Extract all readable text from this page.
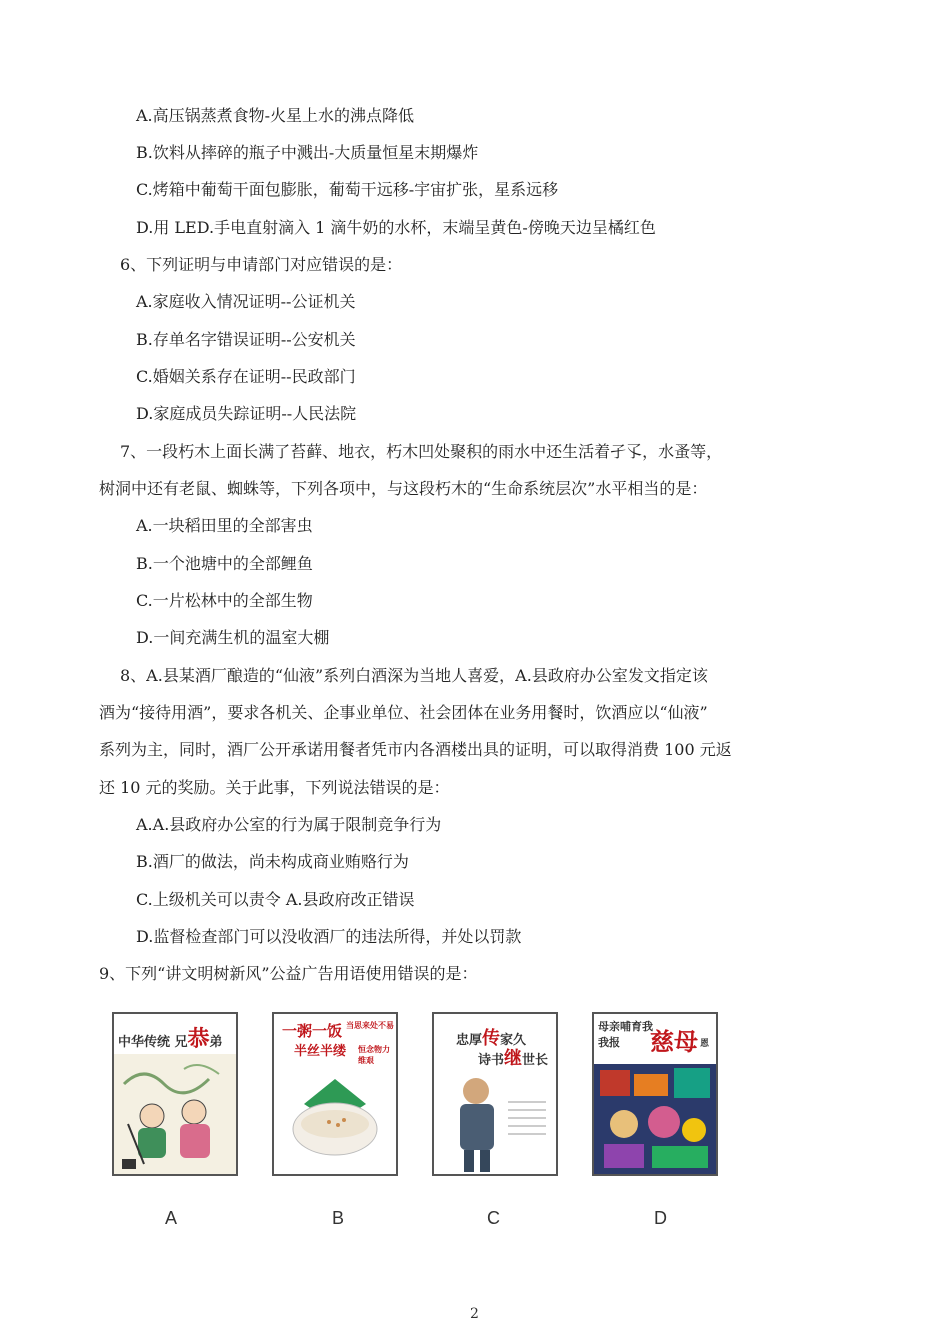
A.高压锅蒸煮食物-火星上水的沸点降低
B.饮料从摔碎的瓶子中溅出-大质量恒星末期爆炸
C.烤箱中葡萄干面包膨胀，葡萄干远移-宇宙扩张，星系远移
D.用 LED.手电直射滴入 1 滴牛奶的水杯，末端呈黄色-傍晚天边呈橘红色
6、下列证明与申请部门对应错误的是：
A.家庭收入情况证明--公证机关
B.存单名字错误证明--公安机关
C.婚姻关系存在证明--民政部门
D.家庭成员失踪证明--人民法院
7、一段朽木上面长满了苔藓、地衣，朽木凹处聚积的雨水中还生活着孑孓，水蚤等，
树洞中还有老鼠、蜘蛛等，下列各项中，与这段朽木的“生命系统层次”水平相当的是：
A.一块稻田里的全部害虫
B.一个池塘中的全部鲤鱼
C.一片松林中的全部生物
D.一间充满生机的温室大棚
8、A.县某酒厂酿造的“仙液”系列白酒深为当地人喜爱，A.县政府办公室发文指定该
酒为“接待用酒”，要求各机关、企事业单位、社会团体在业务用餐时，饮酒应以“仙液”
系列为主，同时，酒厂公开承诺用餐者凭市内各酒楼出具的证明，可以取得消费 100 元返
还 10 元的奖励。关于此事，下列说法错误的是：
A.A.县政府办公室的行为属于限制竞争行为
B.酒厂的做法，尚未构成商业贿赂行为
C.上级机关可以责令 A.县政府改正错误
D.监督检查部门可以没收酒厂的违法所得，并处以罚款
9、下列“讲文明树新风”公益广告用语使用错误的是：
中华传统 兄恭弟
一粥一饭 当思来处不易
半丝半缕 恒念物力维艰
忠厚传家久
诗书继世长
母亲哺育我
我报 慈母 恩
A	B	C	D
2
